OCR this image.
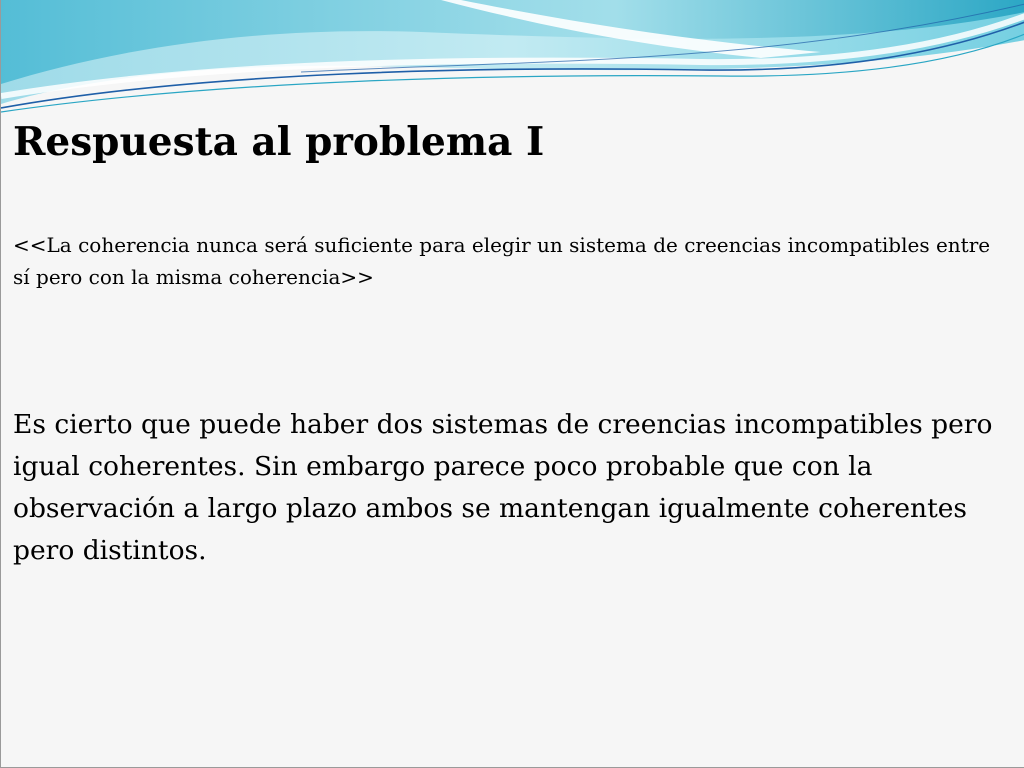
Respuesta al problema I

<<La coherencia nunca será suficiente para elegir un sistema de creencias incompatibles entre sí pero con la misma coherencia>>

Es cierto que puede haber dos sistemas de creencias incompatibles pero igual coherentes. Sin embargo parece poco probable que con la observación a largo plazo ambos se mantengan igualmente coherentes pero distintos.
